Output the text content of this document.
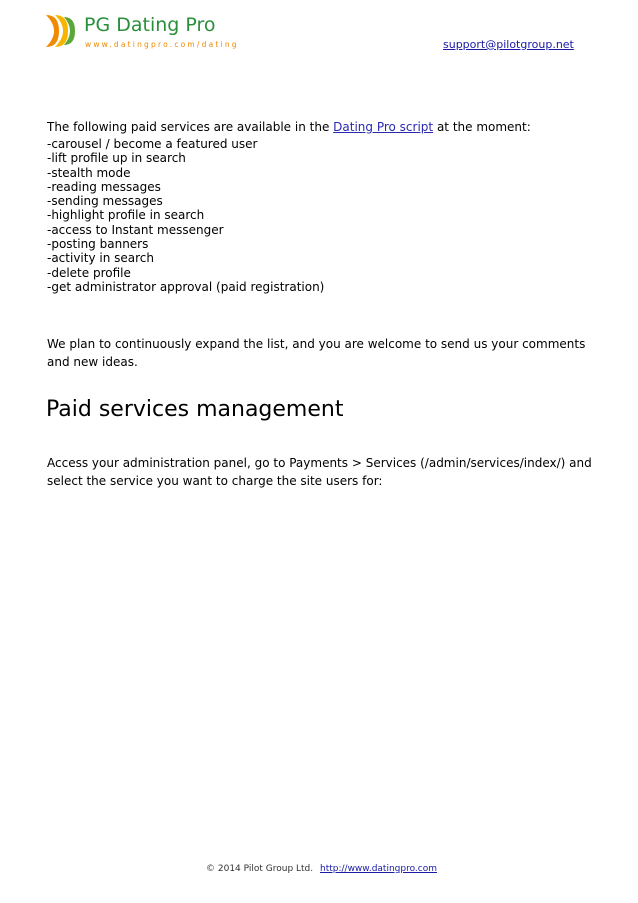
PG Dating Pro
www.datingpro.com/dating	support@pilotgroup.net

The following paid services are available in the Dating Pro script at the moment:

-carousel / become a featured user
-lift profile up in search
-stealth mode
-reading messages
-sending messages
-highlight profile in search
-access to Instant messenger
-posting banners
-activity in search
-delete profile
-get administrator approval (paid registration)

We plan to continuously expand the list, and you are welcome to send us your comments and new ideas.

Paid services management

Access your administration panel, go to Payments > Services (/admin/services/index/) and select the service you want to charge the site users for:

© 2014 Pilot Group Ltd. http://www.datingpro.com
